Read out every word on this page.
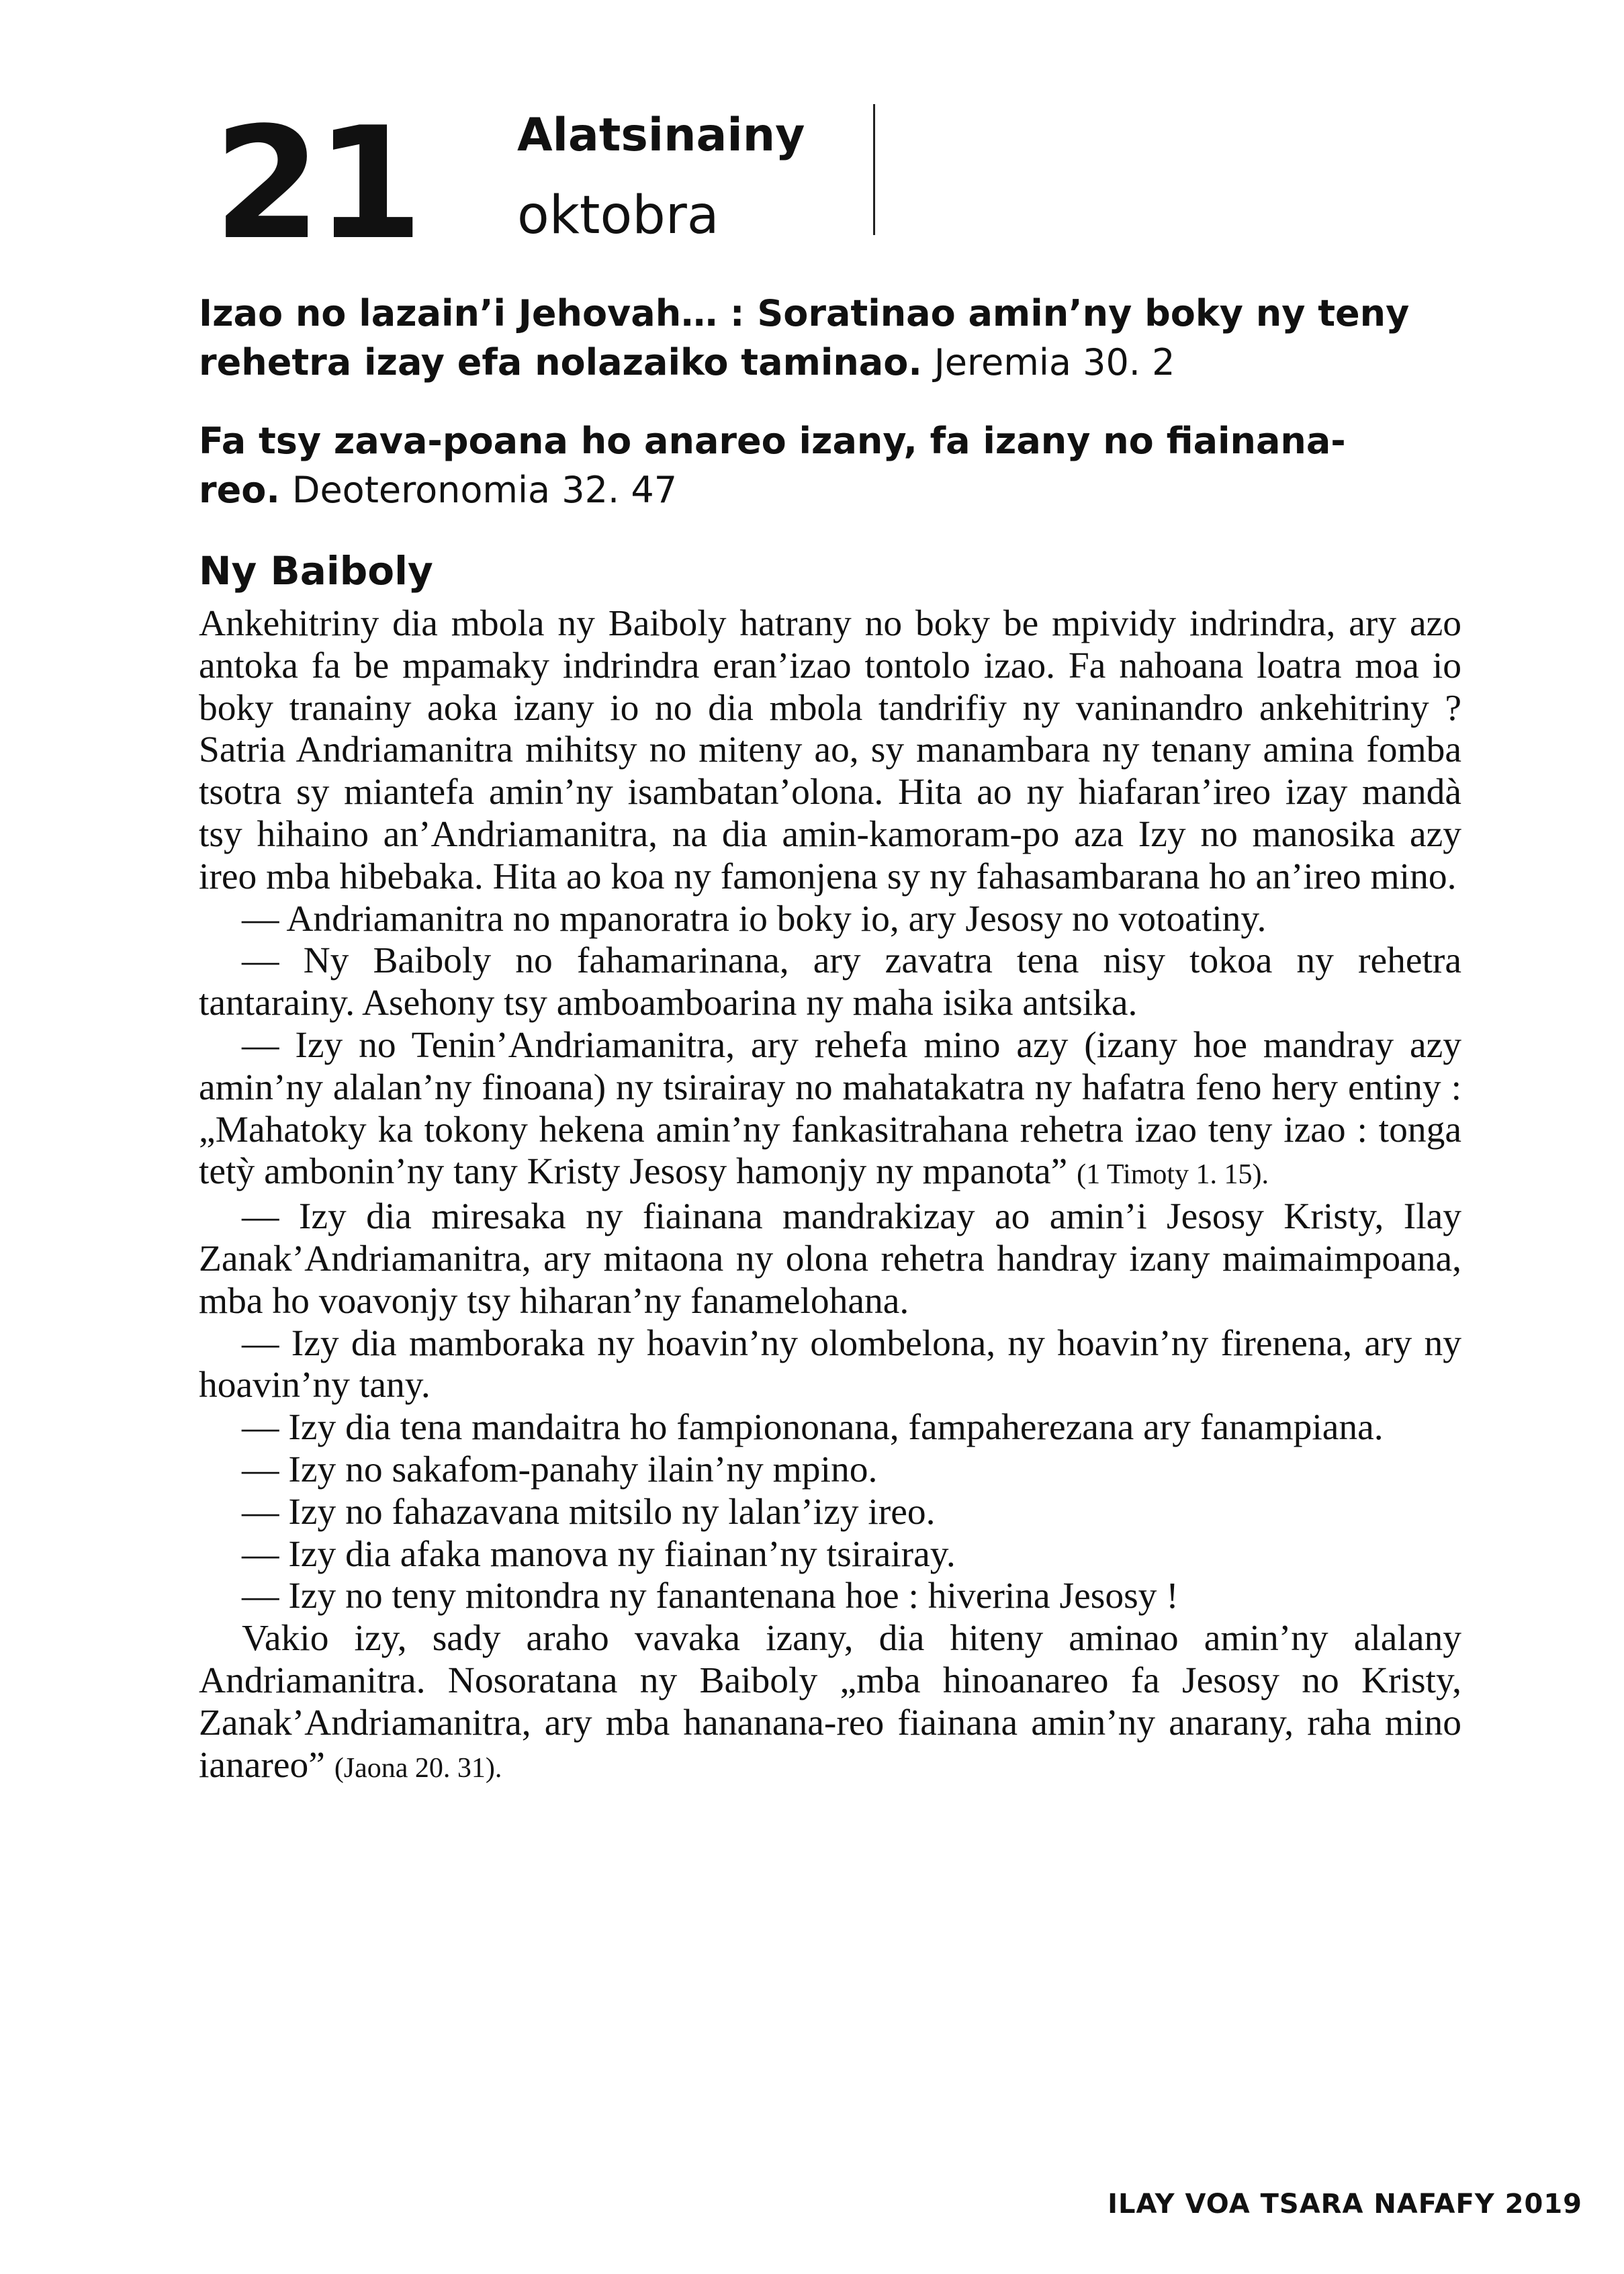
21 Alatsinainy
oktobra
Izao no lazain’i Jehovah… : Soratinao amin’ny boky ny teny rehetra izay efa nolazaiko taminao. Jeremia 30. 2
Fa tsy zava-poana ho anareo izany, fa izany no fiainana-reo. Deoteronomia 32. 47
Ny Baiboly

Ankehitriny dia mbola ny Baiboly hatrany no boky be mpividy indrindra, ary azo antoka fa be mpamaky indrindra eran’izao tontolo izao. Fa nahoana loatra moa io boky tranainy aoka izany io no dia mbola tandrifiy ny vaninandro ankehitriny ? Satria Andriamanitra mihitsy no miteny ao, sy manambara ny tenany amina fomba tsotra sy miantefa amin’ny isambatan’olona. Hita ao ny hiafaran’ireo izay mandà tsy hihaino an’Andriamanitra, na dia amin-kamoram-po aza Izy no manosika azy ireo mba hibebaka. Hita ao koa ny famonjena sy ny fahasambarana ho an’ireo mino.

— Andriamanitra no mpanoratra io boky io, ary Jesosy no votoatiny.

— Ny Baiboly no fahamarinana, ary zavatra tena nisy tokoa ny rehetra tantarainy. Asehony tsy amboamboarina ny maha isika antsika.

— Izy no Tenin’Andriamanitra, ary rehefa mino azy (izany hoe mandray azy amin’ny alalan’ny finoana) ny tsirairay no mahatakatra ny hafatra feno hery entiny : „Mahatoky ka tokony hekena amin’ny fankasitrahana rehetra izao teny izao : tonga tetỳ ambonin’ny tany Kristy Jesosy hamonjy ny mpanota” (1 Timoty 1. 15).

— Izy dia miresaka ny fiainana mandrakizay ao amin’i Jesosy Kristy, Ilay Zanak’Andriamanitra, ary mitaona ny olona rehetra handray izany maimaimpoana, mba ho voavonjy tsy hiharan’ny fanamelohana.

— Izy dia mamboraka ny hoavin’ny olombelona, ny hoavin’ny firenena, ary ny hoavin’ny tany.

— Izy dia tena mandaitra ho fampiononana, fampaherezana ary fanampiana.

— Izy no sakafom-panahy ilain’ny mpino.

— Izy no fahazavana mitsilo ny lalan’izy ireo.

— Izy dia afaka manova ny fiainan’ny tsirairay.

— Izy no teny mitondra ny fanantenana hoe : hiverina Jesosy !

Vakio izy, sady araho vavaka izany, dia hiteny aminao amin’ny alalany Andriamanitra. Nosoratana ny Baiboly „mba hinoanareo fa Jesosy no Kristy, Zanak’Andriamanitra, ary mba hananana-reo fiainana amin’ny anarany, raha mino ianareo” (Jaona 20. 31).

ILAY VOA TSARA NAFAFY 2019
